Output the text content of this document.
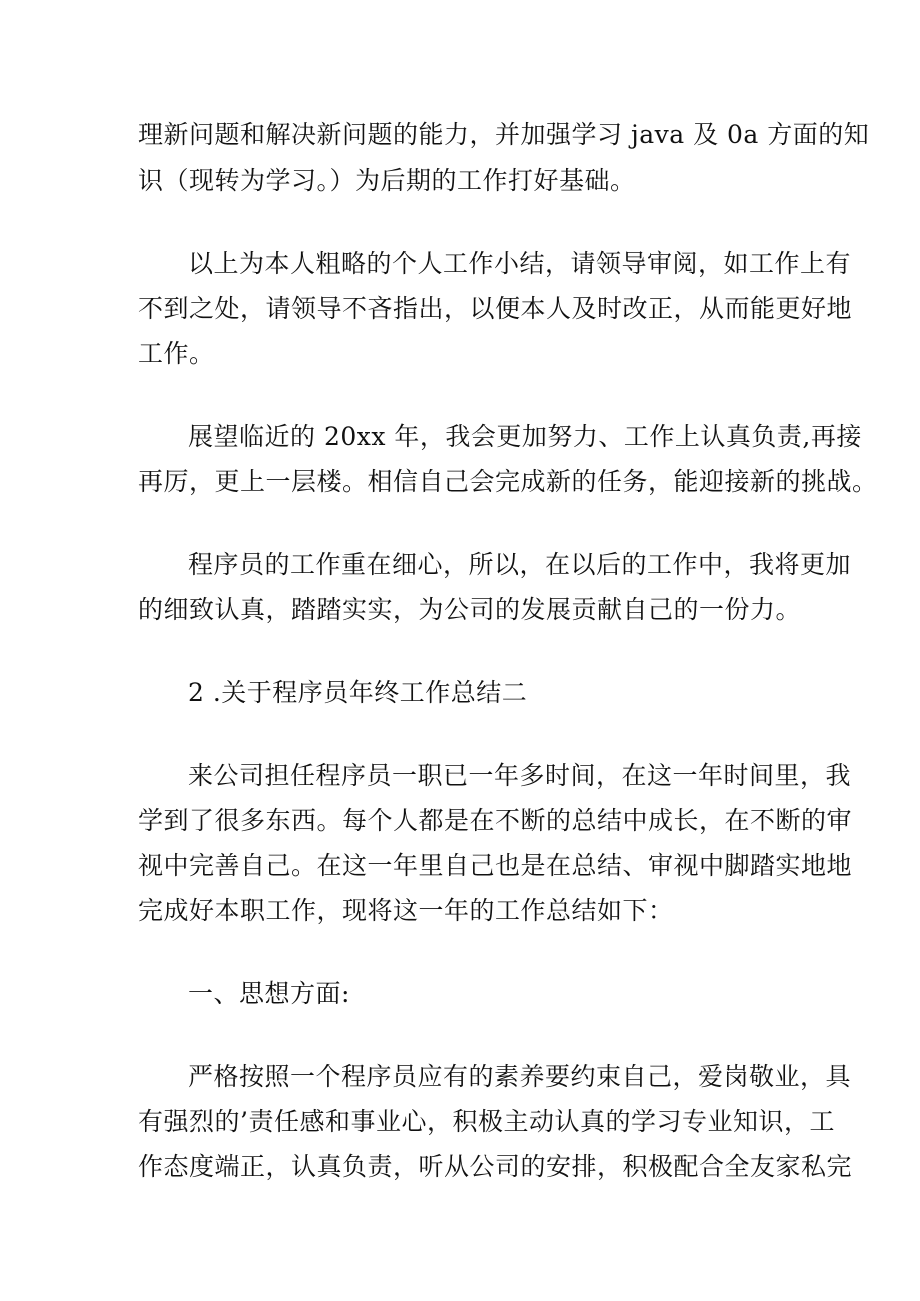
理新问题和解决新问题的能力，并加强学习 java 及 0a 方面的知
识（现转为学习。）为后期的工作打好基础。
以上为本人粗略的个人工作小结，请领导审阅，如工作上有
不到之处，请领导不吝指出，以便本人及时改正，从而能更好地
工作。
展望临近的 20xx 年，我会更加努力、工作上认真负责,再接
再厉，更上一层楼。相信自己会完成新的任务，能迎接新的挑战。
程序员的工作重在细心，所以，在以后的工作中，我将更加
的细致认真，踏踏实实，为公司的发展贡献自己的一份力。
2 .关于程序员年终工作总结二
来公司担任程序员一职已一年多时间，在这一年时间里，我
学到了很多东西。每个人都是在不断的总结中成长，在不断的审
视中完善自己。在这一年里自己也是在总结、审视中脚踏实地地
完成好本职工作，现将这一年的工作总结如下：
一、思想方面:
严格按照一个程序员应有的素养要约束自己，爱岗敬业，具
有强烈的’责任感和事业心，积极主动认真的学习专业知识，工
作态度端正，认真负责，听从公司的安排，积极配合全友家私完
